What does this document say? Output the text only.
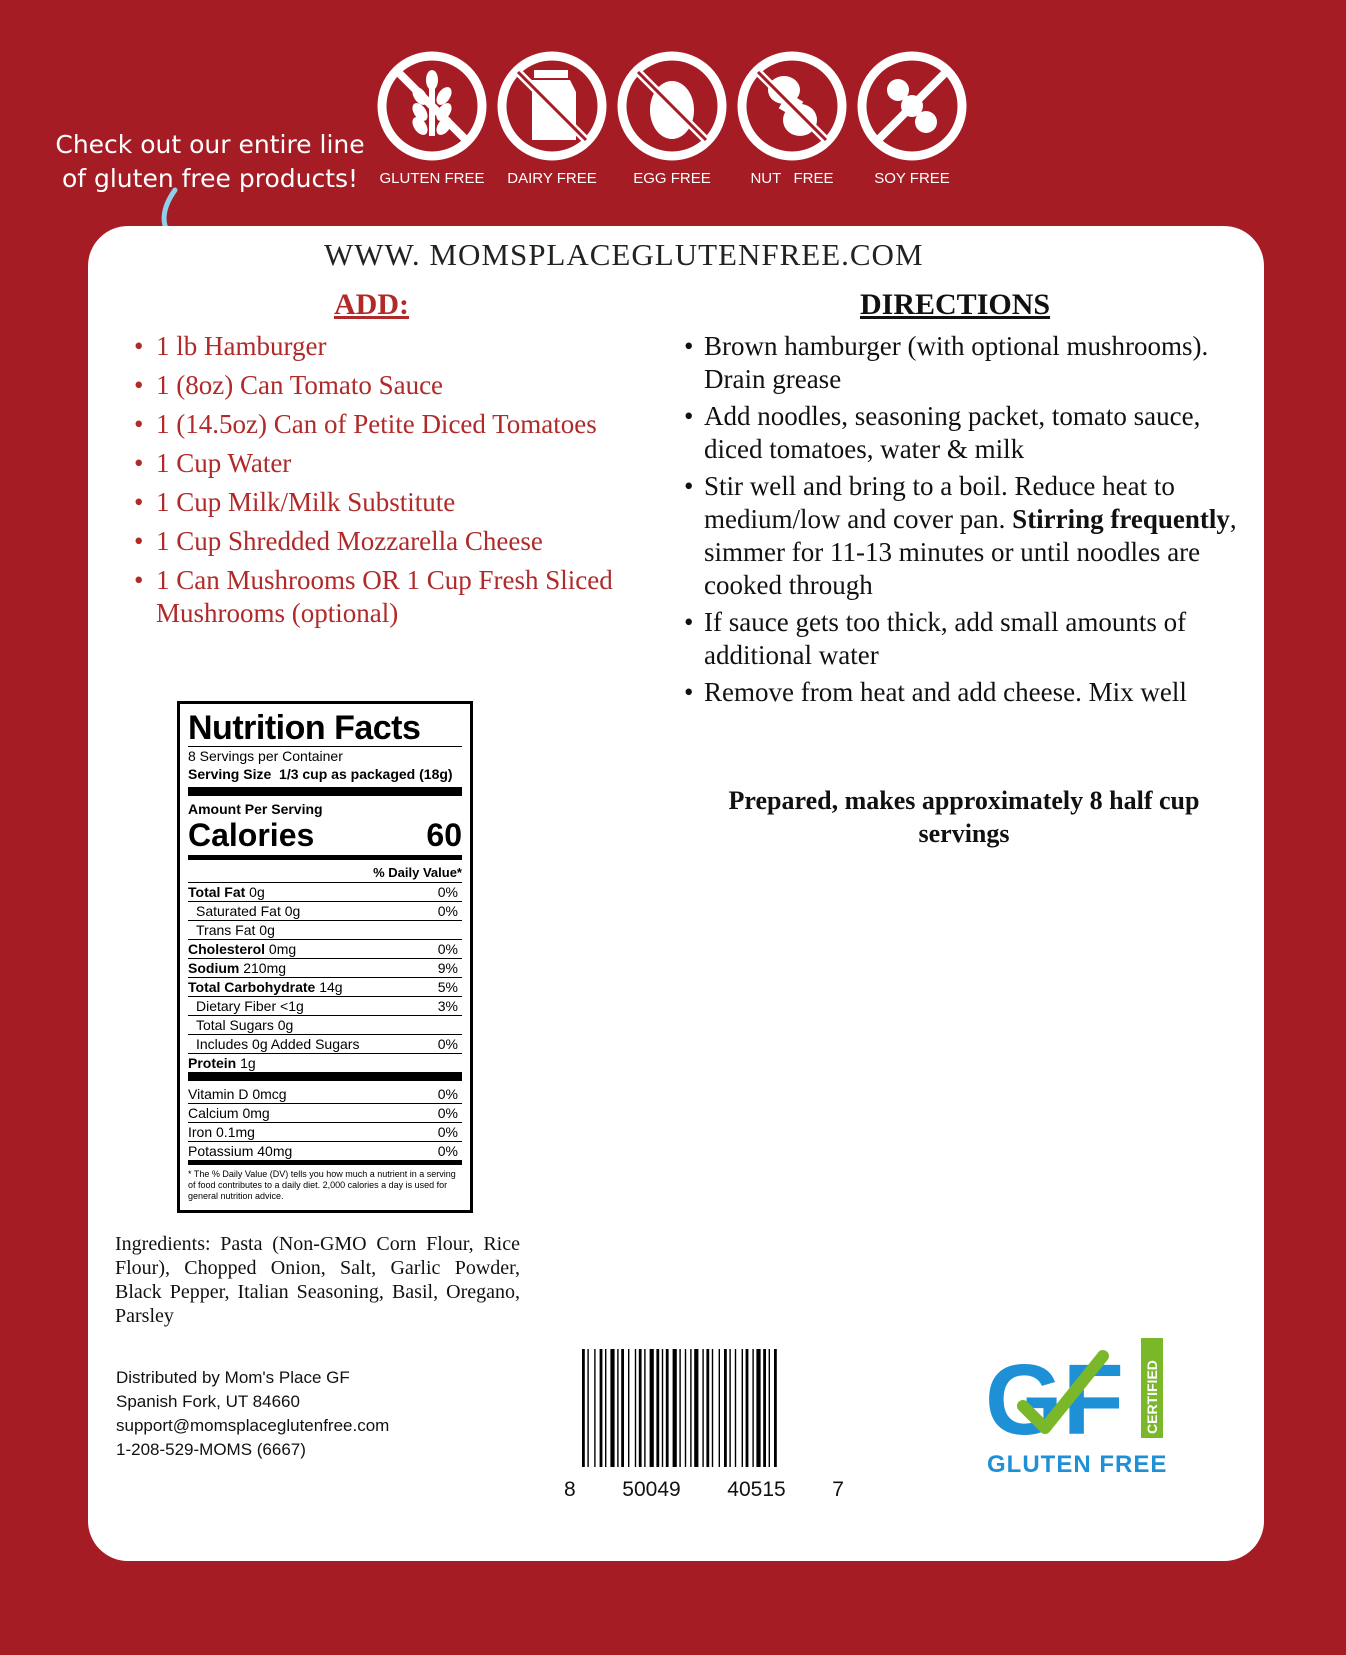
Check out our entire line of gluten free products!	GLUTEN FREE DAIRY FREE EGG FREE	NUT   FREE	SOY FREE
WWW. MOMSPLACEGLUTENFREE.COM
ADD:
• 1 lb Hamburger
• 1 (8oz) Can Tomato Sauce
• 1 (14.5oz) Can of Petite Diced Tomatoes
• 1 Cup Water
• 1 Cup Milk/Milk Substitute
• 1 Cup Shredded Mozzarella Cheese
• 1 Can Mushrooms OR 1 Cup Fresh Sliced Mushrooms (optional)
DIRECTIONS
• Brown hamburger (with optional mushrooms). Drain grease
• Add noodles, seasoning packet, tomato sauce, diced tomatoes, water & milk
• Stir well and bring to a boil. Reduce heat to medium/low and cover pan. Stirring frequently, simmer for 11-13 minutes or until noodles are cooked through
• If sauce gets too thick, add small amounts of additional water
• Remove from heat and add cheese. Mix well
Prepared, makes approximately 8 half cup servings
Nutrition Facts
8 Servings per Container
Serving Size 1/3 cup as packaged (18g)
Amount Per Serving
Calories	60
% Daily Value*
Total Fat 0g	0%
Saturated Fat 0g	0%
Trans Fat 0g
Cholesterol 0mg	0%
Sodium 210mg	9%
Total Carbohydrate 14g	5%
Dietary Fiber <1g	3%
Total Sugars 0g
Includes 0g Added Sugars	0%
Protein 1g
Vitamin D 0mcg	0%
Calcium 0mg	0%
Iron 0.1mg	0%
Potassium 40mg	0%
* The % Daily Value (DV) tells you how much a nutrient in a serving of food contributes to a daily diet. 2,000 calories a day is used for general nutrition advice.
Ingredients: Pasta (Non-GMO Corn Flour, Rice Flour), Chopped Onion, Salt, Garlic Powder, Black Pepper, Italian Seasoning, Basil, Oregano, Parsley
Distributed by Mom's Place GF
Spanish Fork, UT 84660
support@momsplaceglutenfree.com
1-208-529-MOMS (6667)
8 50049 40515 7
GF CERTIFIED
GLUTEN FREE
